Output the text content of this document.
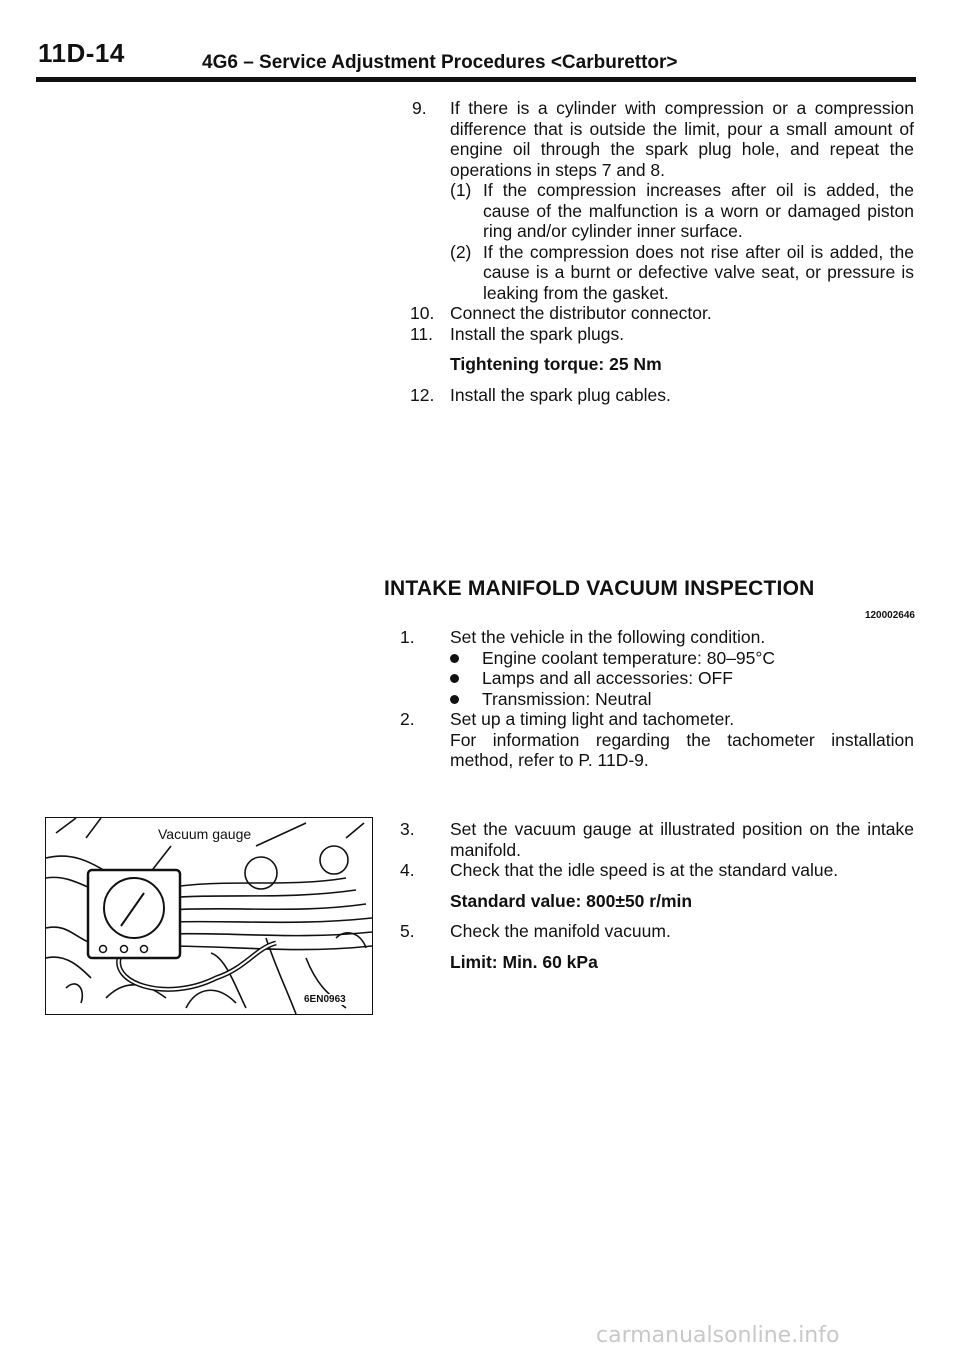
11D-14	4G6 – Service Adjustment Procedures <Carburettor>
9. If there is a cylinder with compression or a compression difference that is outside the limit, pour a small amount of engine oil through the spark plug hole, and repeat the operations in steps 7 and 8.
(1) If the compression increases after oil is added, the cause of the malfunction is a worn or damaged piston ring and/or cylinder inner surface.
(2) If the compression does not rise after oil is added, the cause is a burnt or defective valve seat, or pressure is leaking from the gasket.
10. Connect the distributor connector.
11. Install the spark plugs.
Tightening torque: 25 Nm
12. Install the spark plug cables.
INTAKE MANIFOLD VACUUM INSPECTION
120002646
1. Set the vehicle in the following condition.
Engine coolant temperature: 80–95°C
Lamps and all accessories: OFF
Transmission: Neutral
2. Set up a timing light and tachometer.
For information regarding the tachometer installation method, refer to P. 11D-9.
3. Set the vacuum gauge at illustrated position on the intake manifold.
4. Check that the idle speed is at the standard value.
Standard value: 800±50 r/min
5. Check the manifold vacuum.
Limit: Min. 60 kPa
Vacuum gauge
6EN0963
carmanualsonline.info
